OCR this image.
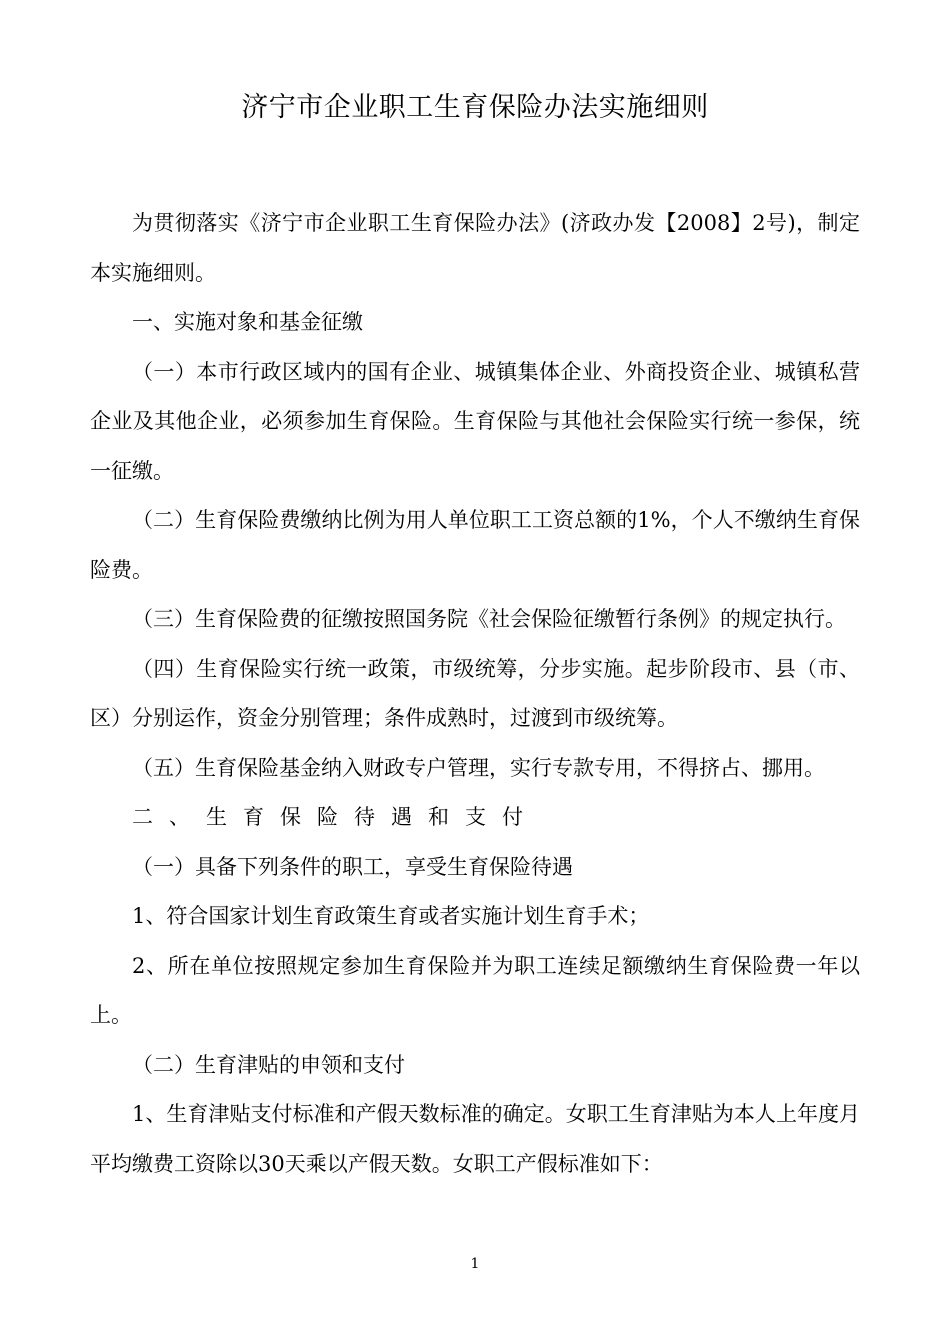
济宁市企业职工生育保险办法实施细则

为贯彻落实《济宁市企业职工生育保险办法》(济政办发【2008】2号)，制定本实施细则。

一、实施对象和基金征缴

（一）本市行政区域内的国有企业、城镇集体企业、外商投资企业、城镇私营企业及其他企业，必须参加生育保险。生育保险与其他社会保险实行统一参保，统一征缴。

（二）生育保险费缴纳比例为用人单位职工工资总额的1%，个人不缴纳生育保险费。

（三）生育保险费的征缴按照国务院《社会保险征缴暂行条例》的规定执行。

（四）生育保险实行统一政策，市级统筹，分步实施。起步阶段市、县（市、区）分别运作，资金分别管理；条件成熟时，过渡到市级统筹。

（五）生育保险基金纳入财政专户管理，实行专款专用，不得挤占、挪用。

二、生育保险待遇和支付

（一）具备下列条件的职工，享受生育保险待遇

1、符合国家计划生育政策生育或者实施计划生育手术；

2、所在单位按照规定参加生育保险并为职工连续足额缴纳生育保险费一年以上。

（二）生育津贴的申领和支付

1、生育津贴支付标准和产假天数标准的确定。女职工生育津贴为本人上年度月平均缴费工资除以30天乘以产假天数。女职工产假标准如下：

1
